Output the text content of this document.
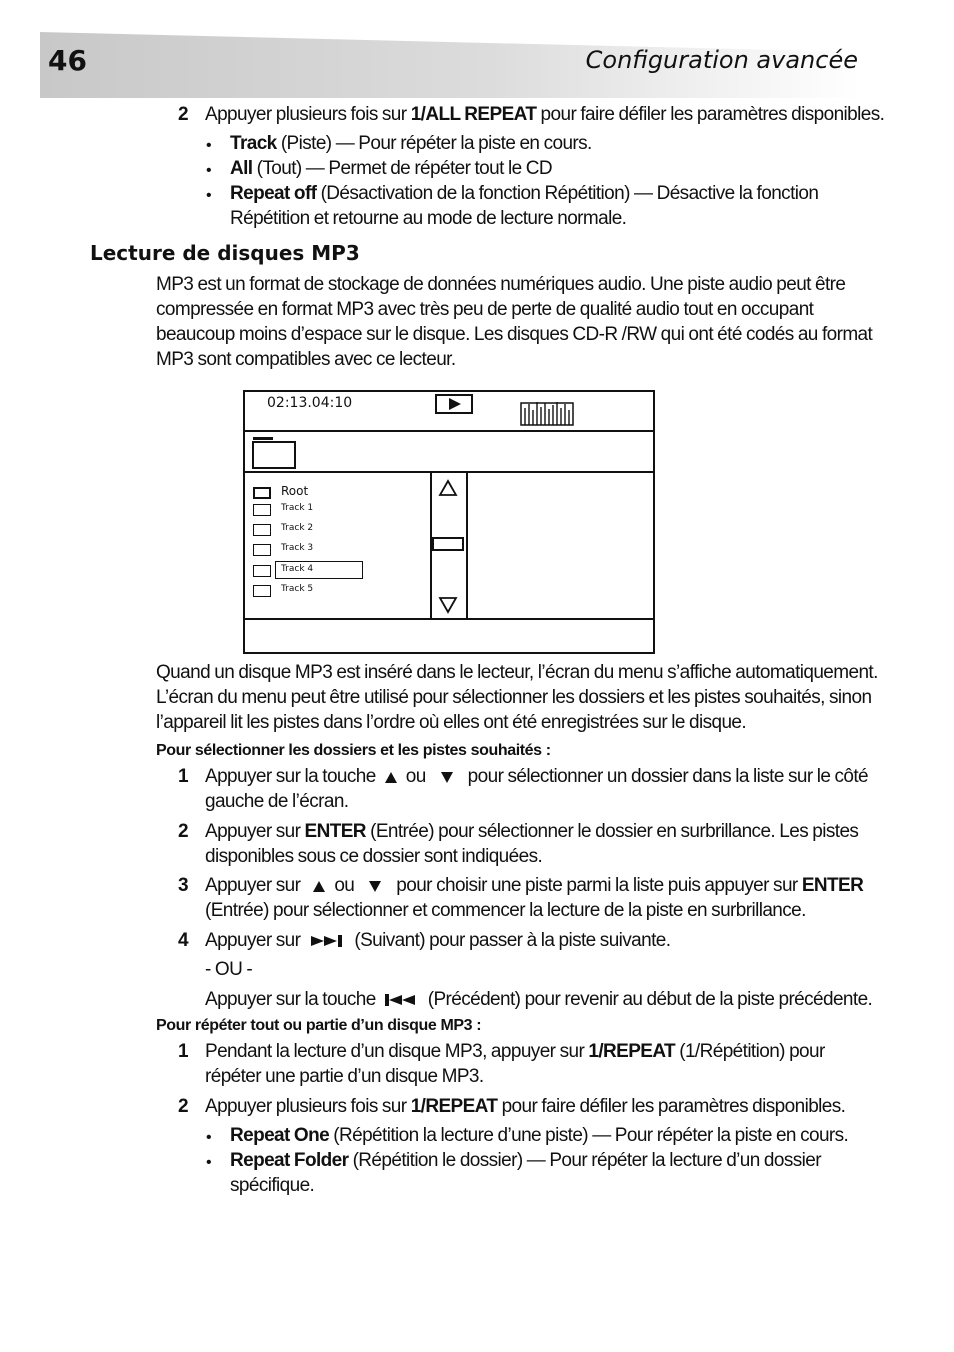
46	Configuration avancée
2 Appuyer plusieurs fois sur 1/ALL REPEAT pour faire défiler les paramètres disponibles.
• Track (Piste) — Pour répéter la piste en cours.
• All (Tout) — Permet de répéter tout le CD
• Repeat off (Désactivation de la fonction Répétition) — Désactive la fonction
Répétition et retourne au mode de lecture normale.
Lecture de disques MP3
MP3 est un format de stockage de données numériques audio. Une piste audio peut être
compressée en format MP3 avec très peu de perte de qualité audio tout en occupant
beaucoup moins d’espace sur le disque. Les disques CD-R /RW qui ont été codés au format
MP3 sont compatibles avec ce lecteur.
02:13.04:10
Root
Track 1
Track 2
Track 3
Track 4
Track 5
Quand un disque MP3 est inséré dans le lecteur, l’écran du menu s’affiche automatiquement.
L’écran du menu peut être utilisé pour sélectionner les dossiers et les pistes souhaités, sinon
l’appareil lit les pistes dans l’ordre où elles ont été enregistrées sur le disque.
Pour sélectionner les dossiers et les pistes souhaités :
1 Appuyer sur la touche ou pour sélectionner un dossier dans la liste sur le côté
gauche de l’écran.
2 Appuyer sur ENTER (Entrée) pour sélectionner le dossier en surbrillance. Les pistes
disponibles sous ce dossier sont indiquées.
3 Appuyer sur ou pour choisir une piste parmi la liste puis appuyer sur ENTER
(Entrée) pour sélectionner et commencer la lecture de la piste en surbrillance.
4 Appuyer sur	(Suivant) pour passer à la piste suivante.
- OU -
Appuyer sur la touche	(Précédent) pour revenir au début de la piste précédente.
Pour répéter tout ou partie d’un disque MP3 :
1 Pendant la lecture d’un disque MP3, appuyer sur 1/REPEAT (1/Répétition) pour
répéter une partie d’un disque MP3.
2 Appuyer plusieurs fois sur 1/REPEAT pour faire défiler les paramètres disponibles.
• Repeat One (Répétition la lecture d’une piste) — Pour répéter la piste en cours.
• Repeat Folder (Répétition le dossier) — Pour répéter la lecture d’un dossier
spécifique.
